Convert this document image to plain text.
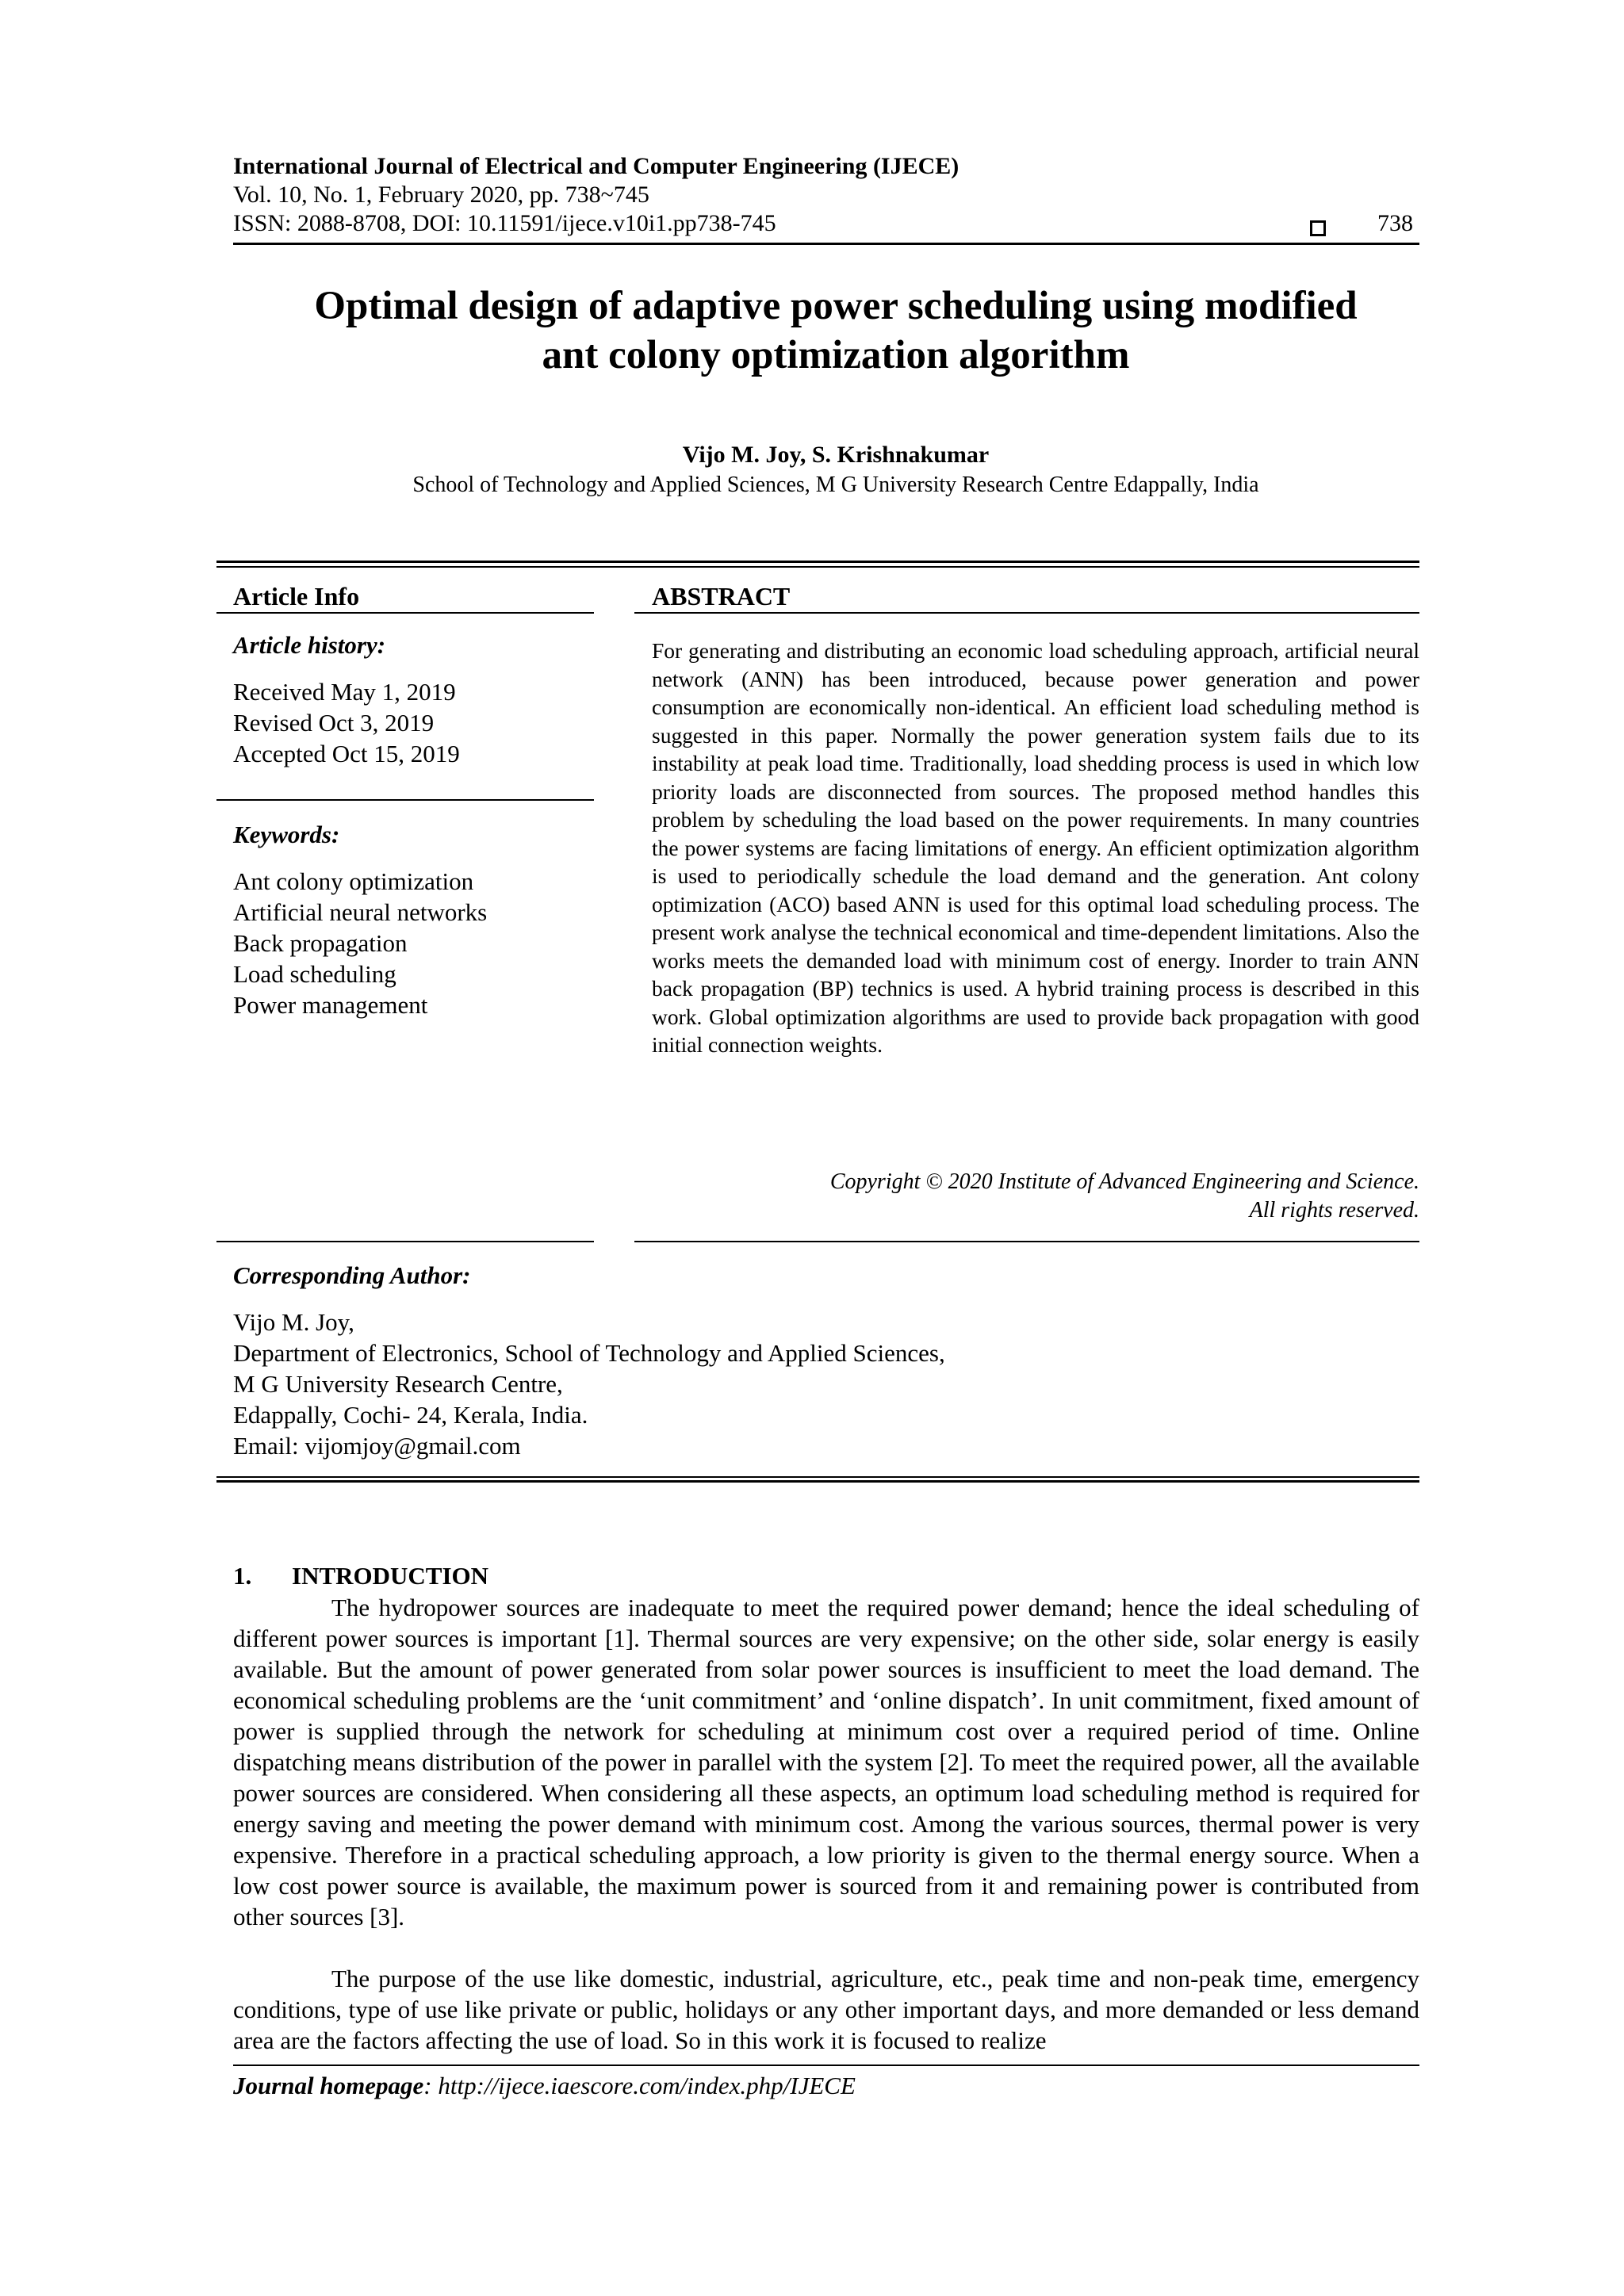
International Journal of Electrical and Computer Engineering (IJECE)
Vol. 10, No. 1, February 2020, pp. 738~745
ISSN: 2088-8708, DOI: 10.11591/ijece.v10i1.pp738-745	738
Optimal design of adaptive power scheduling using modified
ant colony optimization algorithm
Vijo M. Joy, S. Krishnakumar
School of Technology and Applied Sciences, M G University Research Centre Edappally, India
Article Info
Article history:
Received May 1, 2019
Revised Oct 3, 2019
Accepted Oct 15, 2019
Keywords:
Ant colony optimization
Artificial neural networks
Back propagation
Load scheduling
Power management
ABSTRACT
For generating and distributing an economic load scheduling approach, artificial neural network (ANN) has been introduced, because power generation and power consumption are economically non-identical. An efficient load scheduling method is suggested in this paper. Normally the power generation system fails due to its instability at peak load time. Traditionally, load shedding process is used in which low priority loads are disconnected from sources. The proposed method handles this problem by scheduling the load based on the power requirements. In many countries the power systems are facing limitations of energy. An efficient optimization algorithm is used to periodically schedule the load demand and the generation. Ant colony optimization (ACO) based ANN is used for this optimal load scheduling process. The present work analyse the technical economical and time-dependent limitations. Also the works meets the demanded load with minimum cost of energy. Inorder to train ANN back propagation (BP) technics is used. A hybrid training process is described in this work. Global optimization algorithms are used to provide back propagation with good initial connection weights.
Copyright © 2020 Institute of Advanced Engineering and Science.
All rights reserved.
Corresponding Author:
Vijo M. Joy,
Department of Electronics, School of Technology and Applied Sciences,
M G University Research Centre,
Edappally, Cochi- 24, Kerala, India.
Email: vijomjoy@gmail.com
1. INTRODUCTION
The hydropower sources are inadequate to meet the required power demand; hence the ideal scheduling of different power sources is important [1]. Thermal sources are very expensive; on the other side, solar energy is easily available. But the amount of power generated from solar power sources is insufficient to meet the load demand. The economical scheduling problems are the ‘unit commitment’ and ‘online dispatch’. In unit commitment, fixed amount of power is supplied through the network for scheduling at minimum cost over a required period of time. Online dispatching means distribution of the power in parallel with the system [2]. To meet the required power, all the available power sources are considered. When considering all these aspects, an optimum load scheduling method is required for energy saving and meeting the power demand with minimum cost. Among the various sources, thermal power is very expensive. Therefore in a practical scheduling approach, a low priority is given to the thermal energy source. When a low cost power source is available, the maximum power is sourced from it and remaining power is contributed from other sources [3].
The purpose of the use like domestic, industrial, agriculture, etc., peak time and non-peak time, emergency conditions, type of use like private or public, holidays or any other important days, and more demanded or less demand area are the factors affecting the use of load. So in this work it is focused to realize
Journal homepage: http://ijece.iaescore.com/index.php/IJECE
